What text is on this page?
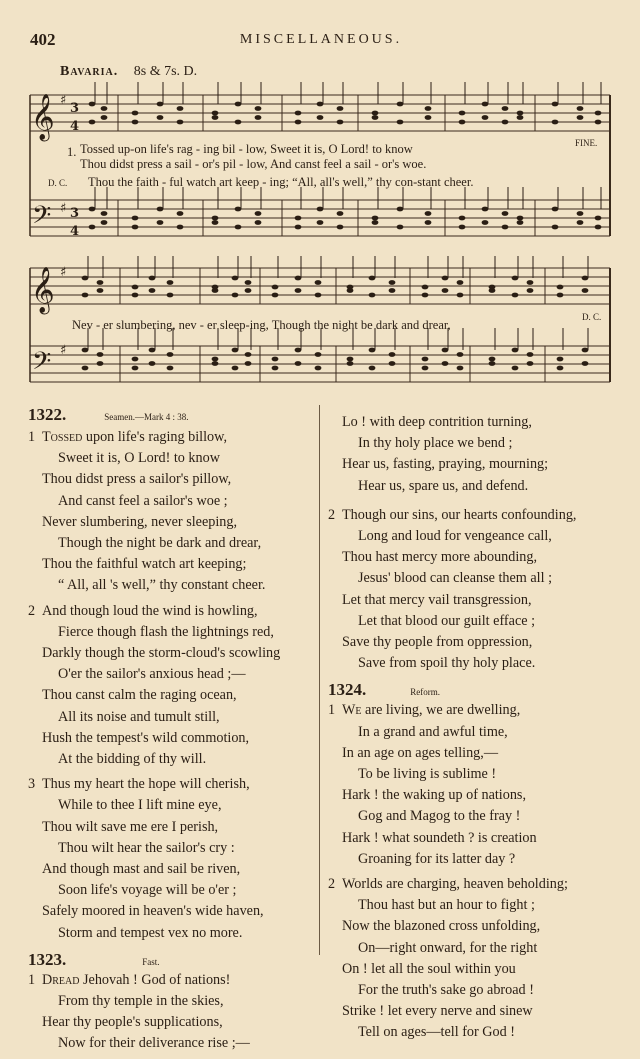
402	MISCELLANEOUS.
Bavaria. 8s & 7s. D.
𝄞
𝄢
𝄞
𝄢
♯
♯
♯
♯
3
4
3
4
1. Tossed up-on life's rag - ing bil - low, Sweet it is, O Lord! to know
Thou didst press a sail - or's pil - low, And canst feel a sail - or's woe.
D. C. Thou the faith - ful watch art keep - ing; “All, all's well,” thy con-stant cheer.
FINE.
Nev - er slumbering, nev - er sleep-ing, Though the night be dark and drear,
D. C.
1322.	Seamen.—Mark 4 : 38.
1 Tossed upon life's raging billow,
Sweet it is, O Lord! to know
Thou didst press a sailor's pillow,
And canst feel a sailor's woe ;
Never slumbering, never sleeping,
Though the night be dark and drear,
Thou the faithful watch art keeping;
“ All, all 's well,” thy constant cheer.
2 And though loud the wind is howling,
Fierce though flash the lightnings red,
Darkly though the storm-cloud's scowling
O'er the sailor's anxious head ;—
Thou canst calm the raging ocean,
All its noise and tumult still,
Hush the tempest's wild commotion,
At the bidding of thy will.
3 Thus my heart the hope will cherish,
While to thee I lift mine eye,
Thou wilt save me ere I perish,
Thou wilt hear the sailor's cry :
And though mast and sail be riven,
Soon life's voyage will be o'er ;
Safely moored in heaven's wide haven,
Storm and tempest vex no more.
1323.	Fast.
1 Dread Jehovah ! God of nations!
From thy temple in the skies,
Hear thy people's supplications,
Now for their deliverance rise ;—
Lo ! with deep contrition turning,
In thy holy place we bend ;
Hear us, fasting, praying, mourning;
Hear us, spare us, and defend.
2 Though our sins, our hearts confounding,
Long and loud for vengeance call,
Thou hast mercy more abounding,
Jesus' blood can cleanse them all ;
Let that mercy vail transgression,
Let that blood our guilt efface ;
Save thy people from oppression,
Save from spoil thy holy place.
1324.	Reform.
1 We are living, we are dwelling,
In a grand and awful time,
In an age on ages telling,—
To be living is sublime !
Hark ! the waking up of nations,
Gog and Magog to the fray !
Hark ! what soundeth ? is creation
Groaning for its latter day ?
2 Worlds are charging, heaven beholding;
Thou hast but an hour to fight ;
Now the blazoned cross unfolding,
On—right onward, for the right
On ! let all the soul within you
For the truth's sake go abroad !
Strike ! let every nerve and sinew
Tell on ages—tell for God !
